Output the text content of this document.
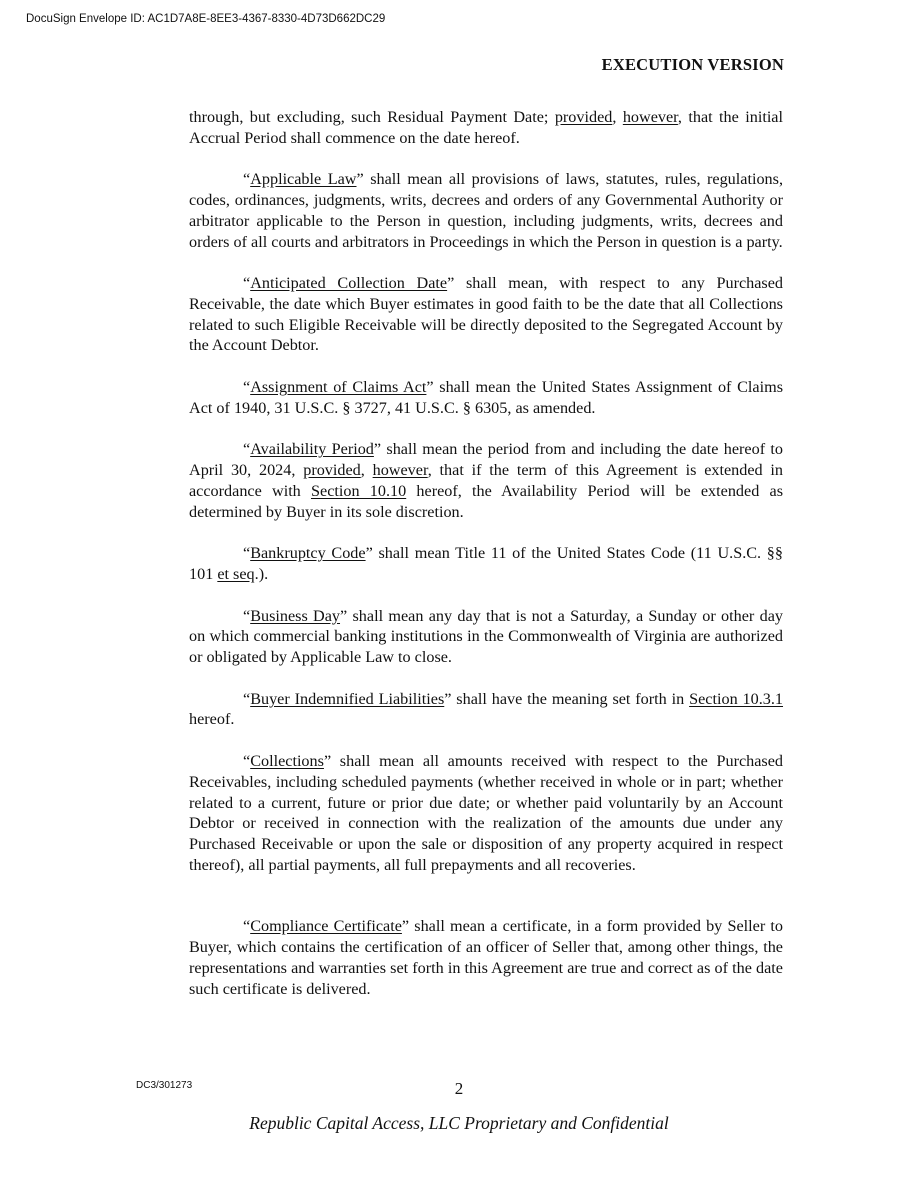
DocuSign Envelope ID: AC1D7A8E-8EE3-4367-8330-4D73D662DC29
EXECUTION VERSION

through, but excluding, such Residual Payment Date; provided, however, that the initial Accrual Period shall commence on the date hereof.

“Applicable Law” shall mean all provisions of laws, statutes, rules, regulations, codes, ordinances, judgments, writs, decrees and orders of any Governmental Authority or arbitrator applicable to the Person in question, including judgments, writs, decrees and orders of all courts and arbitrators in Proceedings in which the Person in question is a party.

“Anticipated Collection Date” shall mean, with respect to any Purchased Receivable, the date which Buyer estimates in good faith to be the date that all Collections related to such Eligible Receivable will be directly deposited to the Segregated Account by the Account Debtor.

“Assignment of Claims Act” shall mean the United States Assignment of Claims Act of 1940, 31 U.S.C. § 3727, 41 U.S.C. § 6305, as amended.

“Availability Period” shall mean the period from and including the date hereof to April 30, 2024, provided, however, that if the term of this Agreement is extended in accordance with Section 10.10 hereof, the Availability Period will be extended as determined by Buyer in its sole discretion.

“Bankruptcy Code” shall mean Title 11 of the United States Code (11 U.S.C. §§ 101 et seq.).

“Business Day” shall mean any day that is not a Saturday, a Sunday or other day on which commercial banking institutions in the Commonwealth of Virginia are authorized or obligated by Applicable Law to close.

“Buyer Indemnified Liabilities” shall have the meaning set forth in Section 10.3.1 hereof.

“Collections” shall mean all amounts received with respect to the Purchased Receivables, including scheduled payments (whether received in whole or in part; whether related to a current, future or prior due date; or whether paid voluntarily by an Account Debtor or received in connection with the realization of the amounts due under any Purchased Receivable or upon the sale or disposition of any property acquired in respect thereof), all partial payments, all full prepayments and all recoveries.

“Compliance Certificate” shall mean a certificate, in a form provided by Seller to Buyer, which contains the certification of an officer of Seller that, among other things, the representations and warranties set forth in this Agreement are true and correct as of the date such certificate is delivered.

DC3/301273	2
Republic Capital Access, LLC Proprietary and Confidential
